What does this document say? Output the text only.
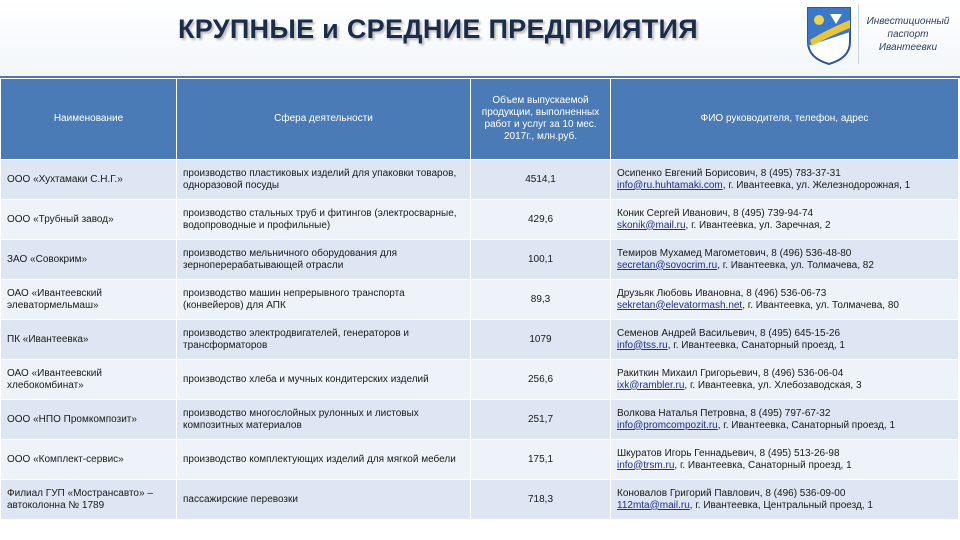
КРУПНЫЕ и СРЕДНИЕ ПРЕДПРИЯТИЯ	Инвестиционный
паспорт
Ивантеевки
Наименование	Сфера деятельности	Объем выпускаемой продукции, выполненных работ и услуг за 10 мес. 2017г., млн.руб.	ФИО руководителя, телефон, адрес
ООО «Хухтамаки С.Н.Г.»	производство пластиковых изделий для упаковки товаров, одноразовой посуды	4514,1	Осипенко Евгений Борисович, 8 (495) 783-37-31
info@ru.huhtamaki.com, г. Ивантеевка, ул. Железнодорожная, 1
ООО «Трубный завод»	производство стальных труб и фитингов (электросварные, водопроводные и профильные)	429,6	Коник Сергей Иванович, 8 (495) 739-94-74
skonik@mail.ru, г. Ивантеевка, ул. Заречная, 2
ЗАО «Совокрим»	производство мельничного оборудования для зерноперерабатывающей отрасли	100,1	Темиров Мухамед Магометович, 8 (496) 536-48-80
secretan@sovocrim.ru, г. Ивантеевка, ул. Толмачева, 82
ОАО «Ивантеевский элеватормельмаш»	производство машин непрерывного транспорта (конвейеров) для АПК	89,3	Друзьяк Любовь Ивановна, 8 (496) 536-06-73
sekretan@elevatormash.net, г. Ивантеевка, ул. Толмачева, 80
ПК «Ивантеевка»	производство электродвигателей, генераторов и трансформаторов	1079	Семенов Андрей Васильевич, 8 (495) 645-15-26
info@tss.ru, г. Ивантеевка, Санаторный проезд, 1
ОАО «Ивантеевский хлебокомбинат»	производство хлеба и мучных кондитерских изделий	256,6	Ракиткин Михаил Григорьевич, 8 (496) 536-06-04
ixk@rambler.ru, г. Ивантеевка, ул. Хлебозаводская, 3
ООО «НПО Промкомпозит»	производство многослойных рулонных и листовых композитных материалов	251,7	Волкова Наталья Петровна, 8 (495) 797-67-32
info@promcompozit.ru, г. Ивантеевка, Санаторный проезд, 1
ООО «Комплект-сервис»	производство комплектующих изделий для мягкой мебели	175,1	Шкуратов Игорь Геннадьевич, 8 (495) 513-26-98
info@trsm.ru, г. Ивантеевка, Санаторный проезд, 1
Филиал ГУП «Мострансавто» – автоколонна № 1789	пассажирские перевозки	718,3	Коновалов Григорий Павлович, 8 (496) 536-09-00
112mta@mail.ru, г. Ивантеевка, Центральный проезд, 1
